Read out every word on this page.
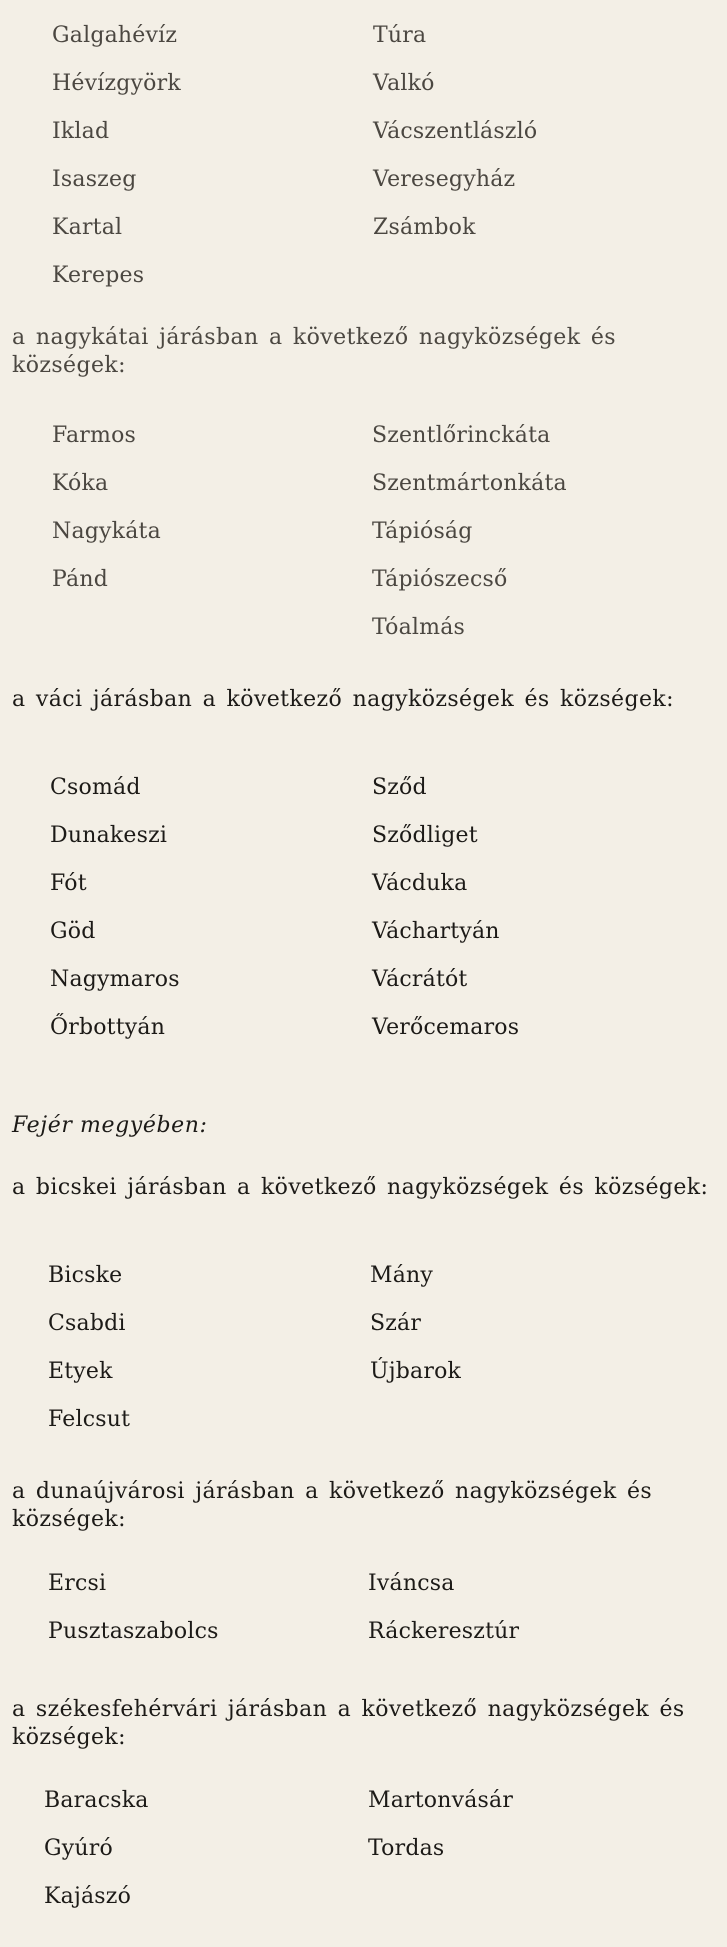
Galgahévíz
Hévízgyörk
Iklad
Isaszeg
Kartal
Kerepes
Túra
Valkó
Vácszentlászló
Veresegyház
Zsámbok
a nagykátai járásban a következő nagyközségek és községek:
Farmos
Kóka
Nagykáta
Pánd
Szentlőrinckáta
Szentmártonkáta
Tápióság
Tápiószecső
Tóalmás
a váci járásban a következő nagyközségek és községek:
Csomád
Dunakeszi
Fót
Göd
Nagymaros
Őrbottyán
Sződ
Sződliget
Vácduka
Váchartyán
Vácrátót
Verőcemaros
Fejér megyében:
a bicskei járásban a következő nagyközségek és községek:
Bicske
Csabdi
Etyek
Felcsut
Mány
Szár
Újbarok
a dunaújvárosi járásban a következő nagyközségek és községek:
Ercsi
Pusztaszabolcs
Iváncsa
Ráckeresztúr
a székesfehérvári járásban a következő nagyközségek és községek:
Baracska
Gyúró
Kajászó
Martonvásár
Tordas
